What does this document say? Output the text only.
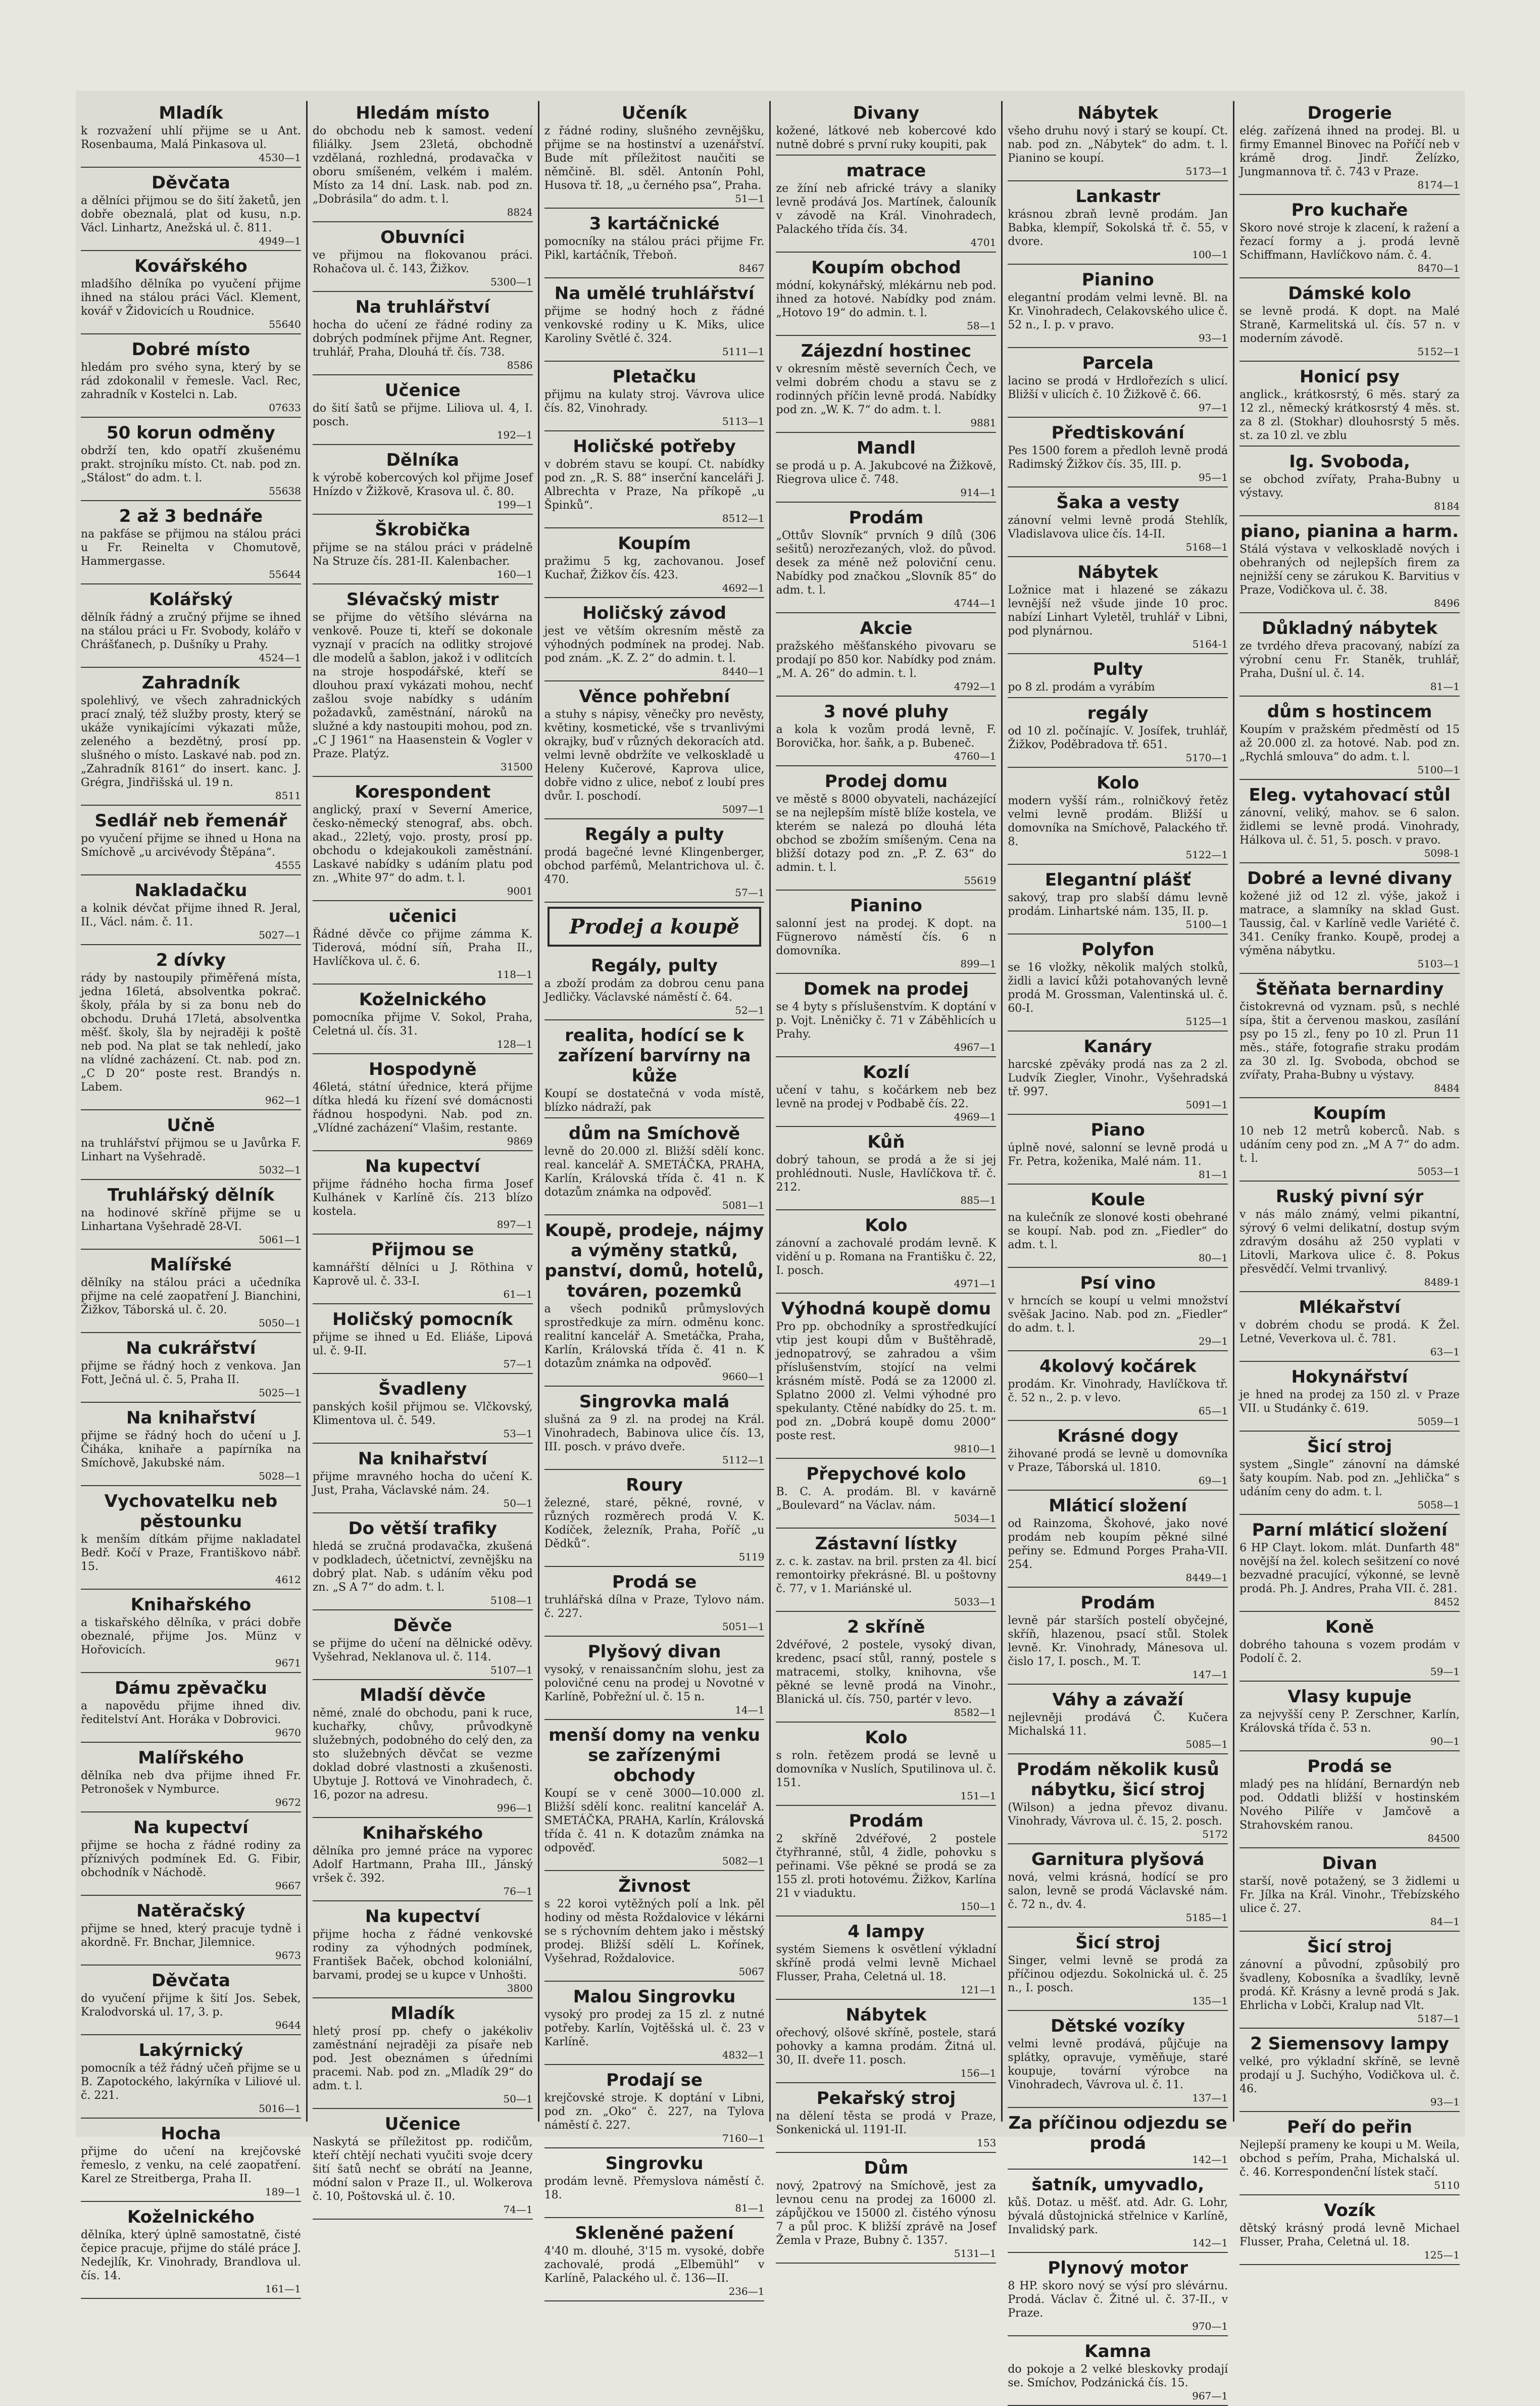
Mladík

k rozvažení uhlí přijme se u Ant. Rosenbauma, Malá Pinkasova ul.

4530—1
Děvčata

a dělníci přijmou se do šití žaketů, jen dobře obeznalá, plat od kusu, n.p. Václ. Linhartz, Anežská ul. č. 811.

4949—1
Kovářského

mladšího dělníka po vyučení přijme ihned na stálou práci Václ. Klement, kovář v Židovicích u Roudnice.

55640
Dobré místo

hledám pro svého syna, který by se rád zdokonalil v řemesle. Vacl. Rec, zahradník v Kostelci n. Lab.

07633
50 korun odměny

obdrží ten, kdo opatří zkušenému prakt. strojníku místo. Ct. nab. pod zn. „Stálost“ do adm. t. l.

55638
2 až 3 bednáře

na pakfáse se přijmou na stálou práci u Fr. Reinelta v Chomutově, Hammergasse.

55644
Kolářský

dělník řádný a zručný přijme se ihned na stálou práci u Fr. Svobody, kolářo v Chrášťanech, p. Dušníky u Prahy.

4524—1
Zahradník

spolehlivý, ve všech zahradnických prací znalý, též služby prosty, který se ukáže vynikajícími výkazati může, zeleného a bezdětný, prosí pp. slušného o místo. Laskavé nab. pod zn. „Zahradník 8161“ do insert. kanc. J. Grégra, Jindřišská ul. 19 n.

8511
Sedlář neb řemenář

po vyučení přijme se ihned u Hona na Smíchově „u arcivévody Štěpána“.

4555
Nakladačku

a kolnik dévčat přijme ihned R. Jeral, II., Václ. nám. č. 11.

5027—1
2 dívky

rády by nastoupily přiměřená místa, jedna 16letá, absolventka pokrač. školy, přála by si za bonu neb do obchodu. Druhá 17letá, absolventka měšť. školy, šla by nejraději k poště neb pod. Na plat se tak nehledí, jako na vlídné zacházení. Ct. nab. pod zn. „C D 20“ poste rest. Brandýs n. Labem.

962—1
Učně

na truhlářství přijmou se u Javůrka F. Linhart na Vyšehradě.

5032—1
Truhlářský dělník

na hodinové skříně přijme se u Linhartana Vyšehradě 28-VI.

5061—1
Malířské

dělníky na stálou práci a učedníka přijme na celé zaopatření J. Bianchini, Žižkov, Táborská ul. č. 20.

5050—1
Na cukrářství

přijme se řádný hoch z venkova. Jan Fott, Ječná ul. č. 5, Praha II.

5025—1
Na knihařství

přijme se řádný hoch do učení u J. Čihákа, knihaře a papírníka na Smíchově, Jakubské nám.

5028—1
Vychovatelku neb pěstounku

k menším dítkám přijme nakladatel Bedř. Kočí v Praze, Františkovo nábř. 15.

4612
Knihařského

a tiskařského dělníka, v práci dobře obeznalé, přijme Jos. Münz v Hořovicích.

9671
Dámu zpěvačku

a napovědu přijme ihned div. ředitelství Ant. Horáka v Dobrovici.

9670
Malířského

dělníka neb dva přijme ihned Fr. Petronošek v Nymburce.

9672
Na kupectví

přijme se hocha z řádné rodiny za příznivých podmínek Ed. G. Fibir, obchodník v Náchodě.

9667
Natěračský

přijme se hned, který pracuje tydně i akordně. Fr. Bnchar, Jilemnice.

9673
Děvčata

do vyučení přijme k šití Jos. Sebek, Kralodvorská ul. 17, 3. p.

9644
Lakýrnický

pomocník a též řádný učeň přijme se u B. Zapotockého, lakýrníka v Liliové ul. č. 221.

5016—1
Hocha

přijme do učení na krejčovské řemeslo, z venku, na celé zaopatření. Karel ze Streitberga, Praha II.

189—1
Koželnického

dělníka, který úplně samostatně, čisté čepice pracuje, přijme do stálé práce J. Nedejlík, Kr. Vinohrady, Brandlova ul. čís. 14.

161—1
Hledám místo

do obchodu neb k samost. vedení filiálky. Jsem 23letá, obchodně vzdělaná, rozhledná, prodavačka v oboru smíšeném, velkém i malém. Místo za 14 dní. Lask. nab. pod zn. „Dobrásila“ do adm. t. l.

8824
Obuvníci

ve přijmou na flokovanou práci. Rohačova ul. č. 143, Žižkov.

5300—1
Na truhlářství

hocha do učení ze řádné rodiny za dobrých podmínek přijme Ant. Regner, truhlář, Praha, Dlouhá tř. čís. 738.

8586
Učenice

do šití šatů se přijme. Liliova ul. 4, I. posch.

192—1
Dělníka

k výrobě kobercových kol přijme Josef Hnízdo v Žižkově, Krasova ul. č. 80.

199—1
Škrobička

přijme se na stálou práci v prádelně Na Struze čís. 281-II. Kalenbacher.

160—1
Slévačský mistr

se přijme do většího slévárna na venkově. Pouze ti, kteří se dokonale vyznají v pracích na odlitky strojové dle modelů a šablon, jakož i v odlitcích na stroje hospodářské, kteří se dlouhou praxí vykázati mohou, nechť zašlou svoje nabídky s udáním požadavků, zaměstnání, nároků na služné a kdy nastoupiti mohou, pod zn. „C J 1961“ na Haasenstein & Vogler v Praze. Platýz.

31500
Korespondent

anglický, praxí v Severní Americe, česko-německý stenograf, abs. obch. akad., 22letý, vojo. prosty, prosí pp. obchodu o kdejakoukoli zaměstnání. Laskavé nabídky s udáním platu pod zn. „White 97“ do adm. t. l.

9001
učenici

Řádné děvče co přijme zámma K. Tiderová, módní síň, Praha II., Havlíčkova ul. č. 6.

118—1
Koželnického

pomocníka přijme V. Sokol, Praha, Celetná ul. čís. 31.

128—1
Hospodyně

46letá, státní úřednice, která přijme dítka hledá ku řízení své domácnosti řádnou hospodyni. Nab. pod zn. „Vlídné zacházení“ Vlašim, restante.

9869
Na kupectví

přijme řádného hocha firma Josef Kulhánek v Karlíně čís. 213 blízo kostela.

897—1
Přijmou se

kamnářští dělníci u J. Röthina v Kaprově ul. č. 33-I.

61—1
Holičský pomocník

přijme se ihned u Ed. Eliáše, Lipová ul. č. 9-II.

57—1
Švadleny

panských košil přijmou se. Vlčkovský, Klimentova ul. č. 549.

53—1
Na knihařství

přijme mravného hocha do učení K. Just, Praha, Václavské nám. 24.

50—1
Do větší trafiky

hledá se zručná prodavačka, zkušená v podkladech, účetnictví, zevnějšku na dobrý plat. Nab. s udáním věku pod zn. „S A 7“ do adm. t. l.

5108—1
Děvče

se přijme do učení na dělnické oděvy. Vyšehrad, Neklanova ul. č. 114.

5107—1
Mladší děvče

němé, znalé do obchodu, pani k ruce, kuchařky, chůvy, průvodkyně služebných, podobného do celý den, za sto služebných děvčat se vezme doklad dobré vlastnosti a zkušenosti. Ubytuje J. Rottová ve Vinohradech, č. 16, pozor na adresu.

996—1
Knihařského

dělníka pro jemné práce na vyporec Adolf Hartmann, Praha III., Jánský vršek č. 392.

76—1
Na kupectví

přijme hocha z řádné venkovské rodiny za výhodných podmínek, František Baček, obchod koloniální, barvami, prodej se u kupce v Unhošti.

3800
Mladík

hletý prosí pp. chefy o jakékoliv zaměstnání nejraději za písaře neb pod. Jest obeznámen s úředními pracemi. Nab. pod zn. „Mladík 29“ do adm. t. l.

50—1
Učenice

Naskytá se příležitost pp. rodičům, kteří chtějí nechati vyučiti svoje dcery šití šatů nechť se obrátí na Jeanne, módní salon v Praze II., ul. Wolkerova č. 10, Poštovská ul. č. 10.

74—1
Učeník

z řádné rodiny, slušného zevnějšku, přijme se na hostinství a uzenářství. Bude mít příležitost naučiti se němčině. Bl. sděl. Antonín Pohl, Husova tř. 18, „u černého psa“, Praha.

51—1
3 kartáčnické

pomocníky na stálou práci přijme Fr. Pikl, kartáčník, Třeboň.

8467
Na umělé truhlářství

přijme se hodný hoch z řádné venkovské rodiny u K. Miks, ulice Karoliny Světlé č. 324.

5111—1
Pletačku

přijmu na kulaty stroj. Vávrova ulice čís. 82, Vinohrady.

5113—1
Holičské potřeby

v dobrém stavu se koupí. Ct. nabídky pod zn. „R. S. 88“ inserční kanceláři J. Albrechta v Praze, Na příkopě „u Špinků“.

8512—1
Koupím

pražimu 5 kg, zachovanou. Josef Kuchař, Žižkov čís. 423.

4692—1
Holičský závod

jest ve větším okresním městě za výhodných podmínek na prodej. Nab. pod znám. „K. Z. 2“ do admin. t. l.

8440—1
Věnce pohřební

a stuhy s nápisy, věnečky pro nevěsty, květiny, kosmetické, vše s trvanlivými okrajky, buď v různých dekoracích atd. velmi levně obdržíte ve velkoskladě u Heleny Kučerové, Kaprova ulice, dobře vidno z ulice, neboť z loubí pres dvůr. I. poschodí.

5097—1
Regály a pulty

prodá bagečné levné Klingenberger, obchod parfémů, Melantrichova ul. č. 470.

57—1
Prodej a koupě
Regály, pulty

a zboží prodám za dobrou cenu pana Jedličky. Václavské náměstí č. 64.

52—1
realita, hodící se k zařízení barvírny na kůže

Koupí se dostatečná v voda místě, blízko nádraží, pak

dům na Smíchově

levně do 20.000 zl. Bližší sdělí konc. real. kancelář A. SMETÁČKA, PRAHA, Karlín, Královská třída č. 41 n. K dotazům známka na odpověď.

5081—1
Koupě, prodeje, nájmy a výměny statků, panství, domů, hotelů, továren, pozemků

a všech podniků průmyslových sprostředkuje za mírn. odměnu konc. realitní kancelář A. Smetáčka, Praha, Karlín, Královská třída č. 41 n. K dotazům známka na odpověď.

9660—1
Singrovka malá

slušná za 9 zl. na prodej na Král. Vinohradech, Babinova ulice čís. 13, III. posch. v právo dveře.

5112—1
Roury

železné, staré, pěkné, rovné, v různých rozměrech prodá V. K. Kodíček, železník, Praha, Poříč „u Dědků“.

5119
Prodá se

truhlářská dílna v Praze, Tylovo nám. č. 227.

5051—1
Plyšový divan

vysoký, v renaissančním slohu, jest za polovičné cenu na prodej u Novotné v Karlíně, Pobřežní ul. č. 15 n.

14—1
menší domy na venku se zařízenými obchody

Koupí se v ceně 3000—10.000 zl. Bližší sdělí konc. realitní kancelář A. SMETÁČKA, PRAHA, Karlín, Královská třída č. 41 n. K dotazům známka na odpověď.

5082—1
Živnost

s 22 koroi vytěžných polí a lnk. pěl hodiny od města Roždalovice v lékárni se s rýchovním dehtem jako i městský prodej. Bližší sdělí L. Kořínek, Vyšehrad, Roždalovice.

5067
Malou Singrovku

vysoký pro prodej za 15 zl. z nutné potřeby. Karlín, Vojtěšská ul. č. 23 v Karlíně.

4832—1
Prodají se

krejčovské stroje. K doptání v Libni, pod zn. „Oko“ č. 227, na Tylova náměstí č. 227.

7160—1
Singrovku

prodám levně. Přemyslova náměstí č. 18.

81—1
Skleněné pažení

4'40 m. dlouhé, 3'15 m. vysoké, dobře zachovalé, prodá „Elbemühl“ v Karlíně, Palackého ul. č. 136—II.

236—1
Divany

kožené, látkové neb kobercové kdo nutně dobré s první ruky koupiti, pak

matrace

ze žíní neb africké trávy a slaniky levně prodává Jos. Martínek, čalouník v závodě na Král. Vinohradech, Palackého třída čís. 34.

4701
Koupím obchod

módní, kokynářský, mlékárnu neb pod. ihned za hotové. Nabídky pod znám. „Hotovo 19“ do admin. t. l.

58—1
Zájezdní hostinec

v okresním městě severních Čech, ve velmi dobrém chodu a stavu se z rodinných příčin levně prodá. Nabídky pod zn. „W. K. 7“ do adm. t. l.

9881
Mandl

se prodá u p. A. Jakubcové na Žižkově, Riegrova ulice č. 748.

914—1
Prodám

„Ottův Slovník“ prvních 9 dílů (306 sešitů) nerozřezaných, vlož. do původ. desek za méně než poloviční cenu. Nabídky pod značkou „Slovník 85“ do adm. t. l.

4744—1
Akcie

pražského měšťanského pivovaru se prodají po 850 kor. Nabídky pod znám. „M. A. 26“ do admin. t. l.

4792—1
3 nové pluhy

a kola k vozům prodá levně, F. Borovička, hor. šaňk, a p. Bubeneč.

4760—1
Prodej domu

ve městě s 8000 obyvateli, nacházející se na nejlepším místě blíže kostela, ve kterém se nalezá po dlouhá léta obchod se zbožím smíšeným. Cena na bližší dotazy pod zn. „P. Z. 63“ do admin. t. l.

55619
Pianino

salonní jest na prodej. K dopt. na Fügnerovo náměstí čís. 6 n domovníka.

899—1
Domek na prodej

se 4 byty s příslušenstvím. K doptání v p. Vojt. Lněničky č. 71 v Záběhlicích u Prahy.

4967—1
Kozlí

učení v tahu, s kočárkem neb bez levně na prodej v Podbabě čís. 22.

4969—1
Kůň

dobrý tahoun, se prodá a že si jej prohlédnouti. Nusle, Havlíčkova tř. č. 212.

885—1
Kolo

zánovní a zachovalé prodám levně. K vidění u p. Romana na Františku č. 22, I. posch.

4971—1
Výhodná koupě domu

Pro pp. obchodníky a sprostředkující vtip jest koupi dům v Buštěhradě, jednopatrový, se zahradou a všim příslušenstvím, stojící na velmi krásném místě. Podá se za 12000 zl. Splatno 2000 zl. Velmi výhodné pro spekulanty. Ctěné nabídky do 25. t. m. pod zn. „Dobrá koupě domu 2000“ poste rest.

9810—1
Přepychové kolo

B. C. A. prodám. Bl. v kavárně „Boulevard“ na Václav. nám.

5034—1
Zástavní lístky

z. c. k. zastav. na bril. prsten za 4l. bicí remontoirky překrásné. Bl. u poštovny č. 77, v 1. Mariánské ul.

5033—1
2 skříně

2dvéřové, 2 postele, vysoký divan, kredenc, psací stůl, ranný, postele s matracemi, stolky, knihovna, vše pěkné se levně prodá na Vinohr., Blanická ul. čís. 750, partér v levo.

8582—1
Kolo

s roln. řetězem prodá se levně u domovníka v Nuslích, Sputilinova ul. č. 151.

151—1
Prodám

2 skříně 2dvéřové, 2 postele čtyřhranné, stůl, 4 židle, pohovku s peřinami. Vše pěkné se prodá se za 155 zl. proti hotovému. Žižkov, Karlína 21 v viaduktu.

150—1
4 lampy

systém Siemens k osvětlení výkladní skříně prodá velmi levně Michael Flusser, Praha, Celetná ul. 18.

121—1
Nábytek

ořechový, olšové skříně, postele, stará pohovky a kamna prodám. Žitná ul. 30, II. dveře 11. posch.

156—1
Pekařský stroj

na dělení těsta se prodá v Praze, Sonkenická ul. 1191-II.

153
Dům

nový, 2patrový na Smíchově, jest za levnou cenu na prodej za 16000 zl. zápůjčkou ve 15000 zl. čistého výnosu 7 a půl proc. K bližší zprávě na Josef Žemla v Praze, Bubny č. 1357.

5131—1
Nábytek

všeho druhu nový i starý se koupí. Ct. nab. pod zn. „Nábytek“ do adm. t. l. Pianino se koupí.

5173—1
Lankastr

krásnou zbraň levně prodám. Jan Babka, klempíř, Sokolská tř. č. 55, v dvore.

100—1
Pianino

elegantní prodám velmi levně. Bl. na Kr. Vinohradech, Celakovského ulice č. 52 n., I. p. v pravo.

93—1
Parcela

lacino se prodá v Hrdlořezích s ulicí. Bližší v ulicích č. 10 Žižkově č. 66.

97—1
Předtiskování

Pes 1500 forem a předloh levně prodá Radimský Žižkov čís. 35, III. p.

95—1
Šaka a vesty

zánovní velmi levně prodá Stehlík, Vladislavova ulice čís. 14-II.

5168—1
Nábytek

Ložnice mat i hlazené se zákazu levnější než všude jinde 10 proc. nabízí Linhart Vyletěl, truhlář v Libni, pod plynárnou.

5164-1
Pulty

po 8 zl. prodám a vyrábím

regály

od 10 zl. počínajíc. V. Josífek, truhlář, Žižkov, Poděbradova tř. 651.

5170—1
Kolo

modern vyšší rám., rolničkový řetěz velmi levně prodám. Bližší u domovníka na Smíchově, Palackého tř. 8.

5122—1
Elegantní plášť

sakový, trap pro slabší dámu levně prodám. Linhartské nám. 135, II. p.

5100—1
Polyfon

se 16 vložky, několik malých stolků, židli a lavicí kůži potahovaných levně prodá M. Grossman, Valentinská ul. č. 60-I.

5125—1
Kanáry

harcské zpěváky prodá nas za 2 zl. Ludvík Ziegler, Vinohr., Vyšehradská tř. 997.

5091—1
Piano

úplně nové, salonní se levně prodá u Fr. Petra, koženika, Malé nám. 11.

81—1
Koule

na kulečník ze slonové kosti obehrané se koupí. Nab. pod zn. „Fiedler“ do adm. t. l.

80—1
Psí vino

v hrncích se koupí u velmi množství svěšak Jacino. Nab. pod zn. „Fiedler“ do adm. t. l.

29—1
4kolový kočárek

prodám. Kr. Vinohrady, Havlíčkova tř. č. 52 n., 2. p. v levo.

65—1
Krásné dogy

žihované prodá se levně u domovníka v Praze, Táborská ul. 1810.

69—1
Mláticí složení

od Rainzoma, Škohové, jako nové prodám neb koupím pěkné silné peřiny se. Edmund Porges Praha-VII. 254.

8449—1
Prodám

levně pár starších postelí obyčejné, skříň, hlazenou, psací stůl. Stolek levně. Kr. Vinohrady, Mánesova ul. čislo 17, I. posch., M. T.

147—1
Váhy a závaží

nejlevněji prodává Č. Kučera Michalská 11.

5085—1
Prodám několik kusů nábytku, šicí stroj

(Wilson) a jedna převoz divanu. Vinohrady, Vávrova ul. č. 15, 2. posch.

5172
Garnitura plyšová

nová, velmi krásná, hodící se pro salon, levně se prodá Václavské nám. č. 72 n., dv. 4.

5185—1
Šicí stroj

Singer, velmi levně se prodá za příčinou odjezdu. Sokolnická ul. č. 25 n., I. posch.

135—1
Dětské vozíky

velmi levně prodává, půjčuje na splátky, opravuje, vyměňuje, staré koupuje, tovární výrobce na Vinohradech, Vávrova ul. č. 11.

137—1
Za příčinou odjezdu se prodá
142—1
šatník, umyvadlo,

kůš. Dotaz. u měšť. atd. Adr. G. Lohr, bývalá důstojnická střelnice v Karlíně, Invalidský park.

142—1
Plynový motor

8 HP. skoro nový se výsí pro slévárnu. Prodá. Václav č. Žitné ul. č. 37-II., v Praze.

970—1
Kamna

do pokoje a 2 velké bleskovky prodají se. Smíchov, Podzánická čís. 15.

967—1
Drogerie

elég. zařízená ihned na prodej. Bl. u firmy Emannel Binovec na Poříčí neb v krámě drog. Jindř. Želízko, Jungmannova tř. č. 743 v Praze.

8174—1
Pro kuchaře

Skoro nové stroje k zlacení, k ražení a řezací formy a j. prodá levně Schiffmann, Havlíčkovo nám. č. 4.

8470—1
Dámské kolo

se levně prodá. K dopt. na Malé Straně, Karmelitská ul. čís. 57 n. v moderním závodě.

5152—1
Honicí psy

anglick., krátkosrstý, 6 měs. starý za 12 zl., německý krátkosrstý 4 měs. st. za 8 zl. (Stokhar) dlouhosrstý 5 měs. st. za 10 zl. ve zblu

Ig. Svoboda,

se obchod zvířaty, Praha-Bubny u výstavy.

8184
piano, pianina a harm.

Stálá výstava v velkoskladě nových i obehraných od nejlepších firem za nejnižší ceny se zárukou K. Barvitius v Praze, Vodičkova ul. č. 38.

8496
Důkladný nábytek

ze tvrdého dřeva pracovaný, nabízí za výrobní cenu Fr. Staněk, truhlář, Praha, Dušní ul. č. 14.

81—1
dům s hostincem

Koupím v pražském předměstí od 15 až 20.000 zl. za hotové. Nab. pod zn. „Rychlá smlouva“ do adm. t. l.

5100—1
Eleg. vytahovací stůl

zánovní, veliký, mahov. se 6 salon. židlemi se levně prodá. Vinohrady, Hálkova ul. č. 51, 5. posch. v pravo.

5098-1
Dobré a levné divany

kožené již od 12 zl. výše, jakož i matrace, a slamníky na sklad Gust. Taussig, čal. v Karlíně vedle Variété č. 341. Ceníky franko. Koupě, prodej a výměna nábytku.

5103—1
Štěňata bernardiny

čistokrevná od vyznam. psů, s nechlé sípa, štit a červenou maskou, zasílání psy po 15 zl., feny po 10 zl. Prun 11 měs., stáře, fotografie straku prodám za 30 zl. Ig. Svoboda, obchod se zvířaty, Praha-Bubny u výstavy.

8484
Koupím

10 neb 12 metrů koberců. Nab. s udáním ceny pod zn. „M A 7“ do adm. t. l.

5053—1
Ruský pivní sýr

v nás málo známý, velmi pikantní, sýrový 6 velmi delikatní, dostup svým zdravým dosáhu až 250 vyplati v Litovli, Markova ulice č. 8. Pokus přesvědčí. Velmi trvanlivý.

8489-1
Mlékařství

v dobrém chodu se prodá. K Žel. Letné, Veverkova ul. č. 781.

63—1
Hokynářství

je hned na prodej za 150 zl. v Praze VII. u Studánky č. 619.

5059—1
Šicí stroj

system „Single“ zánovní na dámské šaty koupím. Nab. pod zn. „Jehlička“ s udáním ceny do adm. t. l.

5058—1
Parní mláticí složení

6 HP Clayt. lokom. mlát. Dunfarth 48" novější na žel. kolech sešitzení co nové bezvadné pracující, výkonné, se levně prodá. Ph. J. Andres, Praha VII. č. 281.

8452
Koně

dobrého tahouna s vozem prodám v Podolí č. 2.

59—1
Vlasy kupuje

za nejvyšší ceny P. Zerschner, Karlín, Královská třída č. 53 n.

90—1
Prodá se

mladý pes na hlídání, Bernardýn neb pod. Oddatli bližší v hostinském Nového Pilíře v Jamčově a Strahovském ranou.

84500
Divan

starší, nově potažený, se 3 židlemi u Fr. Jílka na Král. Vinohr., Třebízského ulice č. 27.

84—1
Šicí stroj

zánovní a původní, způsobilý pro švadleny, Kobosníka a švadlíky, levně prodá. Kř. Krásny a levně prodá s Jak. Ehrlicha v Lobči, Kralup nad Vlt.

5187—1
2 Siemensovy lampy

velké, pro výkladní skříně, se levně prodají u J. Suchýho, Vodičkova ul. č. 46.

93—1
Peří do peřin

Nejlepší prameny ke koupi u M. Weila, obchod s peřím, Praha, Michalská ul. č. 46. Korrespondenční lístek stačí.

5110
Vozík

dětský krásný prodá levně Michael Flusser, Praha, Celetná ul. 18.

125—1
